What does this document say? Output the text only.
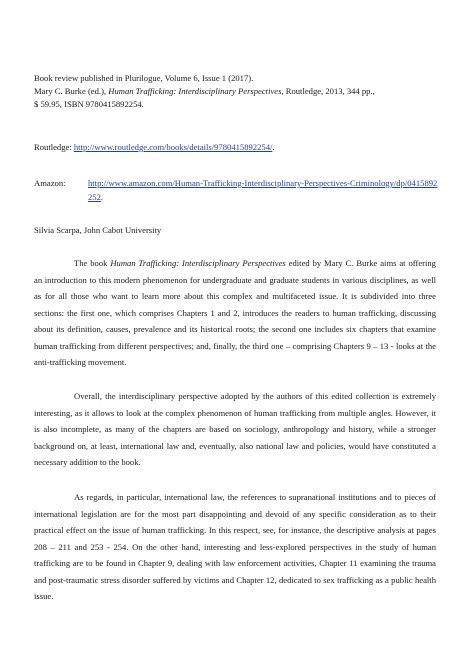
Book review published in Plurilogue, Volume 6, Issue 1 (2017).
Mary C. Burke (ed.), Human Trafficking: Interdisciplinary Perspectives, Routledge, 2013, 344 pp.,
$ 59.95, ISBN 9780415892254.
Routledge: http://www.routledge.com/books/details/9780415892254/.
Amazon:	http://www.amazon.com/Human-Trafficking-Interdisciplinary-Perspectives-Criminology/dp/0415892252.
Silvia Scarpa, John Cabot University

The book Human Trafficking: Interdisciplinary Perspectives edited by Mary C. Burke aims at offering an introduction to this modern phenomenon for undergraduate and graduate students in various disciplines, as well as for all those who want to learn more about this complex and multifaceted issue. It is subdivided into three sections: the first one, which comprises Chapters 1 and 2, introduces the readers to human trafficking, discussing about its definition, causes, prevalence and its historical roots; the second one includes six chapters that examine human trafficking from different perspectives; and, finally, the third one – comprising Chapters 9 – 13 - looks at the anti-trafficking movement.

Overall, the interdisciplinary perspective adopted by the authors of this edited collection is extremely interesting, as it allows to look at the complex phenomenon of human trafficking from multiple angles. However, it is also incomplete, as many of the chapters are based on sociology, anthropology and history, while a stronger background on, at least, international law and, eventually, also national law and policies, would have constituted a necessary addition to the book.

As regards, in particular, international law, the references to supranational institutions and to pieces of international legislation are for the most part disappointing and devoid of any specific consideration as to their practical effect on the issue of human trafficking. In this respect, see, for instance, the descriptive analysis at pages 208 – 211 and 253 - 254. On the other hand, interesting and less-explored perspectives in the study of human trafficking are to be found in Chapter 9, dealing with law enforcement activities, Chapter 11 examining the trauma and post-traumatic stress disorder suffered by victims and Chapter 12, dedicated to sex trafficking as a public health issue.
